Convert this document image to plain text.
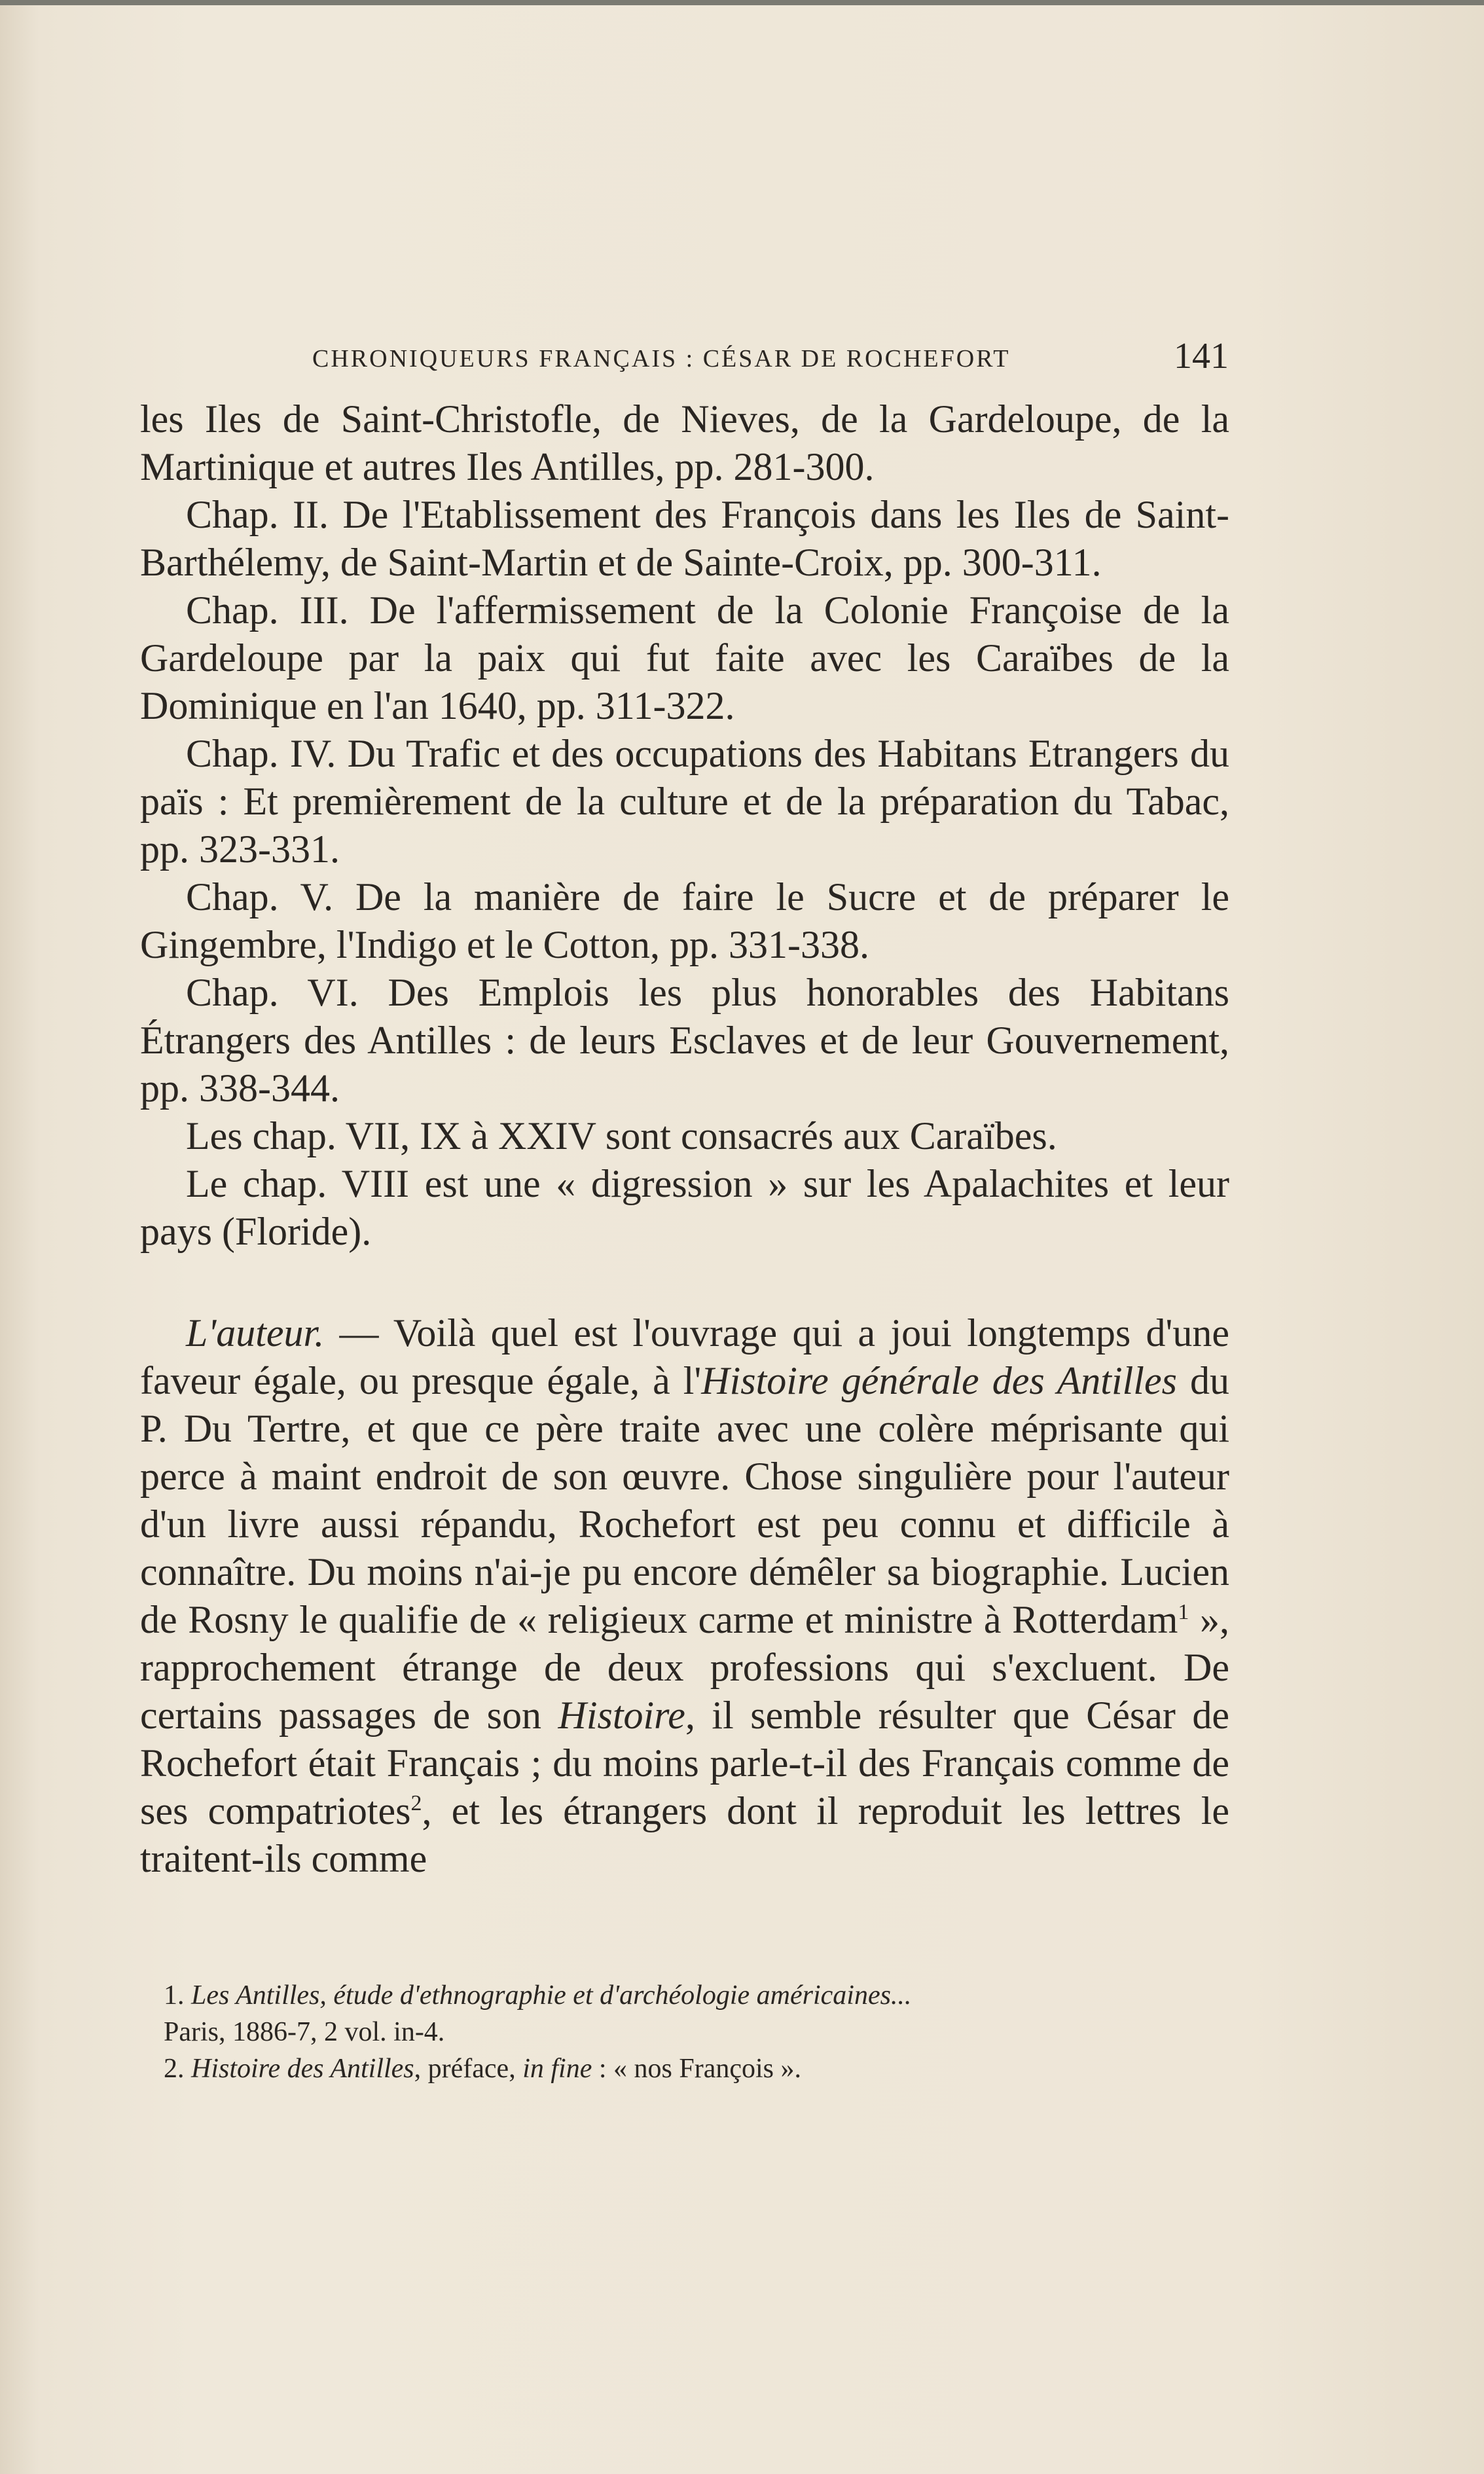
CHRONIQUEURS FRANÇAIS : CÉSAR DE ROCHEFORT	141

les Iles de Saint-Christofle, de Nieves, de la Gardeloupe, de la Martinique et autres Iles Antilles, pp. 281-300.

Chap. II. De l'Etablissement des François dans les Iles de Saint-Barthélemy, de Saint-Martin et de Sainte-Croix, pp. 300-311.

Chap. III. De l'affermissement de la Colonie Françoise de la Gardeloupe par la paix qui fut faite avec les Caraïbes de la Dominique en l'an 1640, pp. 311-322.

Chap. IV. Du Trafic et des occupations des Habitans Etrangers du païs : Et premièrement de la culture et de la préparation du Tabac, pp. 323-331.

Chap. V. De la manière de faire le Sucre et de préparer le Gingembre, l'Indigo et le Cotton, pp. 331-338.

Chap. VI. Des Emplois les plus honorables des Habitans Étrangers des Antilles : de leurs Esclaves et de leur Gouvernement, pp. 338-344.

Les chap. VII, IX à XXIV sont consacrés aux Caraïbes.

Le chap. VIII est une « digression » sur les Apalachites et leur pays (Floride).

L'auteur. — Voilà quel est l'ouvrage qui a joui longtemps d'une faveur égale, ou presque égale, à l'Histoire générale des Antilles du P. Du Tertre, et que ce père traite avec une colère méprisante qui perce à maint endroit de son œuvre. Chose singulière pour l'auteur d'un livre aussi répandu, Rochefort est peu connu et difficile à connaître. Du moins n'ai-je pu encore démêler sa biographie. Lucien de Rosny le qualifie de « religieux carme et ministre à Rotterdam$^1$ », rapprochement étrange de deux professions qui s'excluent. De certains passages de son Histoire, il semble résulter que César de Rochefort était Français ; du moins parle-t-il des Français comme de ses compatriotes$^2$, et les étrangers dont il reproduit les lettres le traitent-ils comme

1. Les Antilles, étude d'ethnographie et d'archéologie américaines...

Paris, 1886-7, 2 vol. in-4.

2. Histoire des Antilles, préface, in fine : « nos François ».
